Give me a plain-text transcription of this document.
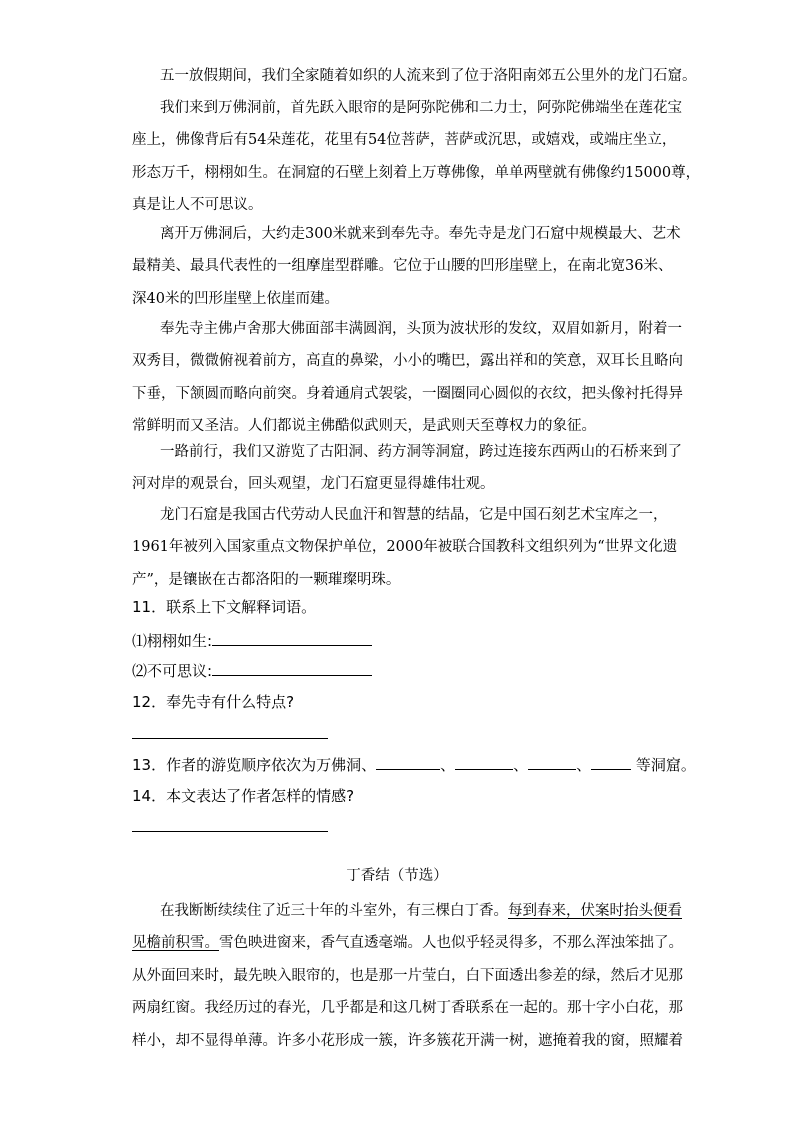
五一放假期间，我们全家随着如织的人流来到了位于洛阳南郊五公里外的龙门石窟。
我们来到万佛洞前，首先跃入眼帘的是阿弥陀佛和二力士，阿弥陀佛端坐在莲花宝
座上，佛像背后有54朵莲花，花里有54位菩萨，菩萨或沉思，或嬉戏，或端庄坐立，
形态万千，栩栩如生。在洞窟的石壁上刻着上万尊佛像，单单两壁就有佛像约15000尊，
真是让人不可思议。
离开万佛洞后，大约走300米就来到奉先寺。奉先寺是龙门石窟中规模最大、艺术
最精美、最具代表性的一组摩崖型群雕。它位于山腰的凹形崖壁上，在南北宽36米、
深40米的凹形崖壁上依崖而建。
奉先寺主佛卢舍那大佛面部丰满圆润，头顶为波状形的发纹，双眉如新月，附着一
双秀目，微微俯视着前方，高直的鼻梁，小小的嘴巴，露出祥和的笑意，双耳长且略向
下垂，下颔圆而略向前突。身着通肩式袈裟，一圈圈同心圆似的衣纹，把头像衬托得异
常鲜明而又圣洁。人们都说主佛酷似武则天，是武则天至尊权力的象征。
一路前行，我们又游览了古阳洞、药方洞等洞窟，跨过连接东西两山的石桥来到了
河对岸的观景台，回头观望，龙门石窟更显得雄伟壮观。
龙门石窟是我国古代劳动人民血汗和智慧的结晶，它是中国石刻艺术宝库之一，
1961年被列入国家重点文物保护单位，2000年被联合国教科文组织列为“世界文化遗
产”，是镶嵌在古都洛阳的一颗璀璨明珠。
11．联系上下文解释词语。
⑴栩栩如生:
⑵不可思议:
12．奉先寺有什么特点?
13．作者的游览顺序依次为万佛洞、	、	、	、	等洞窟。
14．本文表达了作者怎样的情感?
丁香结（节选）
在我断断续续住了近三十年的斗室外，有三棵白丁香。每到春来，伏案时抬头便看
见檐前积雪。雪色映进窗来，香气直透毫端。人也似乎轻灵得多，不那么浑浊笨拙了。
从外面回来时，最先映入眼帘的，也是那一片莹白，白下面透出参差的绿，然后才见那
两扇红窗。我经历过的春光，几乎都是和这几树丁香联系在一起的。那十字小白花，那
样小，却不显得单薄。许多小花形成一簇，许多簇花开满一树，遮掩着我的窗，照耀着
